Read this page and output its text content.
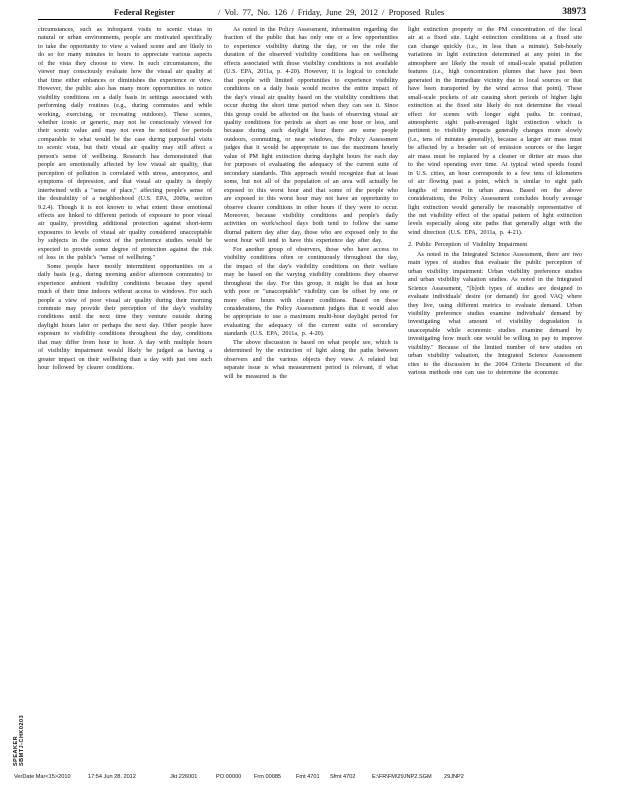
Federal Register	/ Vol. 77, No. 126 / Friday, June 29, 2012 / Proposed Rules	38973

circumstances, such as infrequent visits to scenic vistas in natural or urban environments, people are motivated specifically to take the opportunity to view a valued scene and are likely to do so for many minutes to hours to appreciate various aspects of the vista they choose to view. In such circumstances, the viewer may consciously evaluate how the visual air quality at that time either enhances or diminishes the experience or view. However, the public also has many more opportunities to notice visibility conditions on a daily basis in settings associated with performing daily routines (e.g., during commutes and while working, exercising, or recreating outdoors). These scenes, whether iconic or generic, may not be consciously viewed for their scenic value and may not even be noticed for periods comparable to what would be the case during purposeful visits to scenic vista, but their visual air quality may still affect a person's sense of wellbeing. Research has demonstrated that people are emotionally affected by low visual air quality, that perception of pollution is correlated with stress, annoyance, and symptoms of depression, and that visual air quality is deeply intertwined with a "sense of place," affecting people's sense of the desirability of a neighborhood (U.S. EPA, 2009a, section 9.2.4). Though it is not known to what extent these emotional effects are linked to different periods of exposure to poor visual air quality, providing additional protection against short-term exposures to levels of visual air quality considered unacceptable by subjects in the context of the preference studies would be expected to provide some degree of protection against the risk of loss in the public's "sense of wellbeing."

Some people have mostly intermittent opportunities on a daily basis (e.g., during morning and/or afternoon commutes) to experience ambient visibility conditions because they spend much of their time indoors without access to windows. For such people a view of poor visual air quality during their morning commute may provide their perception of the day's visibility conditions until the next time they venture outside during daylight hours later or perhaps the next day. Other people have exposure to visibility conditions throughout the day, conditions that may differ from hour to hour. A day with multiple hours of visibility impairment would likely be judged as having a greater impact on their wellbeing than a day with just one such hour followed by clearer conditions.

As noted in the Policy Assessment, information regarding the fraction of the public that has only one or a few opportunities to experience visibility during the day, or on the role the duration of the observed visibility conditions has on wellbeing effects associated with those visibility conditions is not available (U.S. EPA, 2011a, p. 4-20). However, it is logical to conclude that people with limited opportunities to experience visibility conditions on a daily basis would receive the entire impact of the day's visual air quality based on the visibility conditions that occur during the short time period when they can see it. Since this group could be affected on the basis of observing visual air quality conditions for periods as short as one hour or less, and because during each daylight hour there are some people outdoors, commuting, or near windows, the Policy Assessment judges that it would be appropriate to use the maximum hourly value of PM light extinction during daylight hours for each day for purposes of evaluating the adequacy of the current suite of secondary standards. This approach would recognize that at least some, but not all of the population of an area will actually be exposed to this worst hour and that some of the people who are exposed to this worst hour may not have an opportunity to observe clearer conditions in other hours if they were to occur. Moreover, because visibility conditions and people's daily activities on work/school days both tend to follow the same diurnal pattern day after day, those who are exposed only to the worst hour will tend to have this experience day after day.

For another group of observers, those who have access to visibility conditions often or continuously throughout the day, the impact of the day's visibility conditions on their welfare may be based on the varying visibility conditions they observe throughout the day. For this group, it might be that an hour with poor or "unacceptable" visibility can be offset by one or more other hours with clearer conditions. Based on these considerations, the Policy Assessment judges that it would also be appropriate to use a maximum multi-hour daylight period for evaluating the adequacy of the current suite of secondary standards (U.S. EPA, 2011a, p. 4-20).

The above discussion is based on what people see, which is determined by the extinction of light along the paths between observers and the various objects they view. A related but separate issue is what measurement period is relevant, if what will be measured is the

light extinction property or the PM concentration of the local air at a fixed site. Light extinction conditions at a fixed site can change quickly (i.e., in less than a minute). Sub-hourly variations in light extinction determined at any point in the atmosphere are likely the result of small-scale spatial pollution features (i.e., high concentration plumes that have just been generated in the immediate vicinity due to local sources or that have been transported by the wind across that point). These small-scale pockets of air causing short periods of higher light extinction at the fixed site likely do not determine the visual effect for scenes with longer sight paths. In contrast, atmospheric sight path-averaged light extinction which is pertinent to visibility impacts generally changes more slowly (i.e., tens of minutes generally), because a larger air mass must be affected by a broader set of emission sources or the larger air mass must be replaced by a cleaner or dirtier air mass due to the wind operating over time. At typical wind speeds found in U.S. cities, an hour corresponds to a few tens of kilometers of air flowing past a point, which is similar to sight path lengths of interest in urban areas. Based on the above considerations, the Policy Assessment concludes hourly average light extinction would generally be reasonably representative of the net visibility effect of the spatial pattern of light extinction levels especially along site paths that generally align with the wind direction (U.S. EPA, 2011a, p. 4-21).

2. Public Perception of Visibility Impairment

As noted in the Integrated Science Assessment, there are two main types of studies that evaluate the public perception of urban visibility impairment: Urban visibility preference studies and urban visibility valuation studies. As noted in the Integrated Science Assessment, "[b]oth types of studies are designed to evaluate individuals' desire (or demand) for good VAQ where they live, using different metrics to evaluate demand. Urban visibility preference studies examine individuals' demand by investigating what amount of visibility degradation is unacceptable while economic studies examine demand by investigating how much one would be willing to pay to improve visibility." Because of the limited number of new studies on urban visibility valuation, the Integrated Science Assessment cites to the discussion in the 2004 Criteria Document of the various methods one can use to determine the economic

SPEAKER SBMTJ-CHK0203
VerDate Mar<15>2010	17:54 Jun 28, 2012	Jkt 226001	PO 00000 Frm 00085	Fmt 4701 Sfmt 4702	E:\FR\FM\29JNP2.SGM 29JNP2
